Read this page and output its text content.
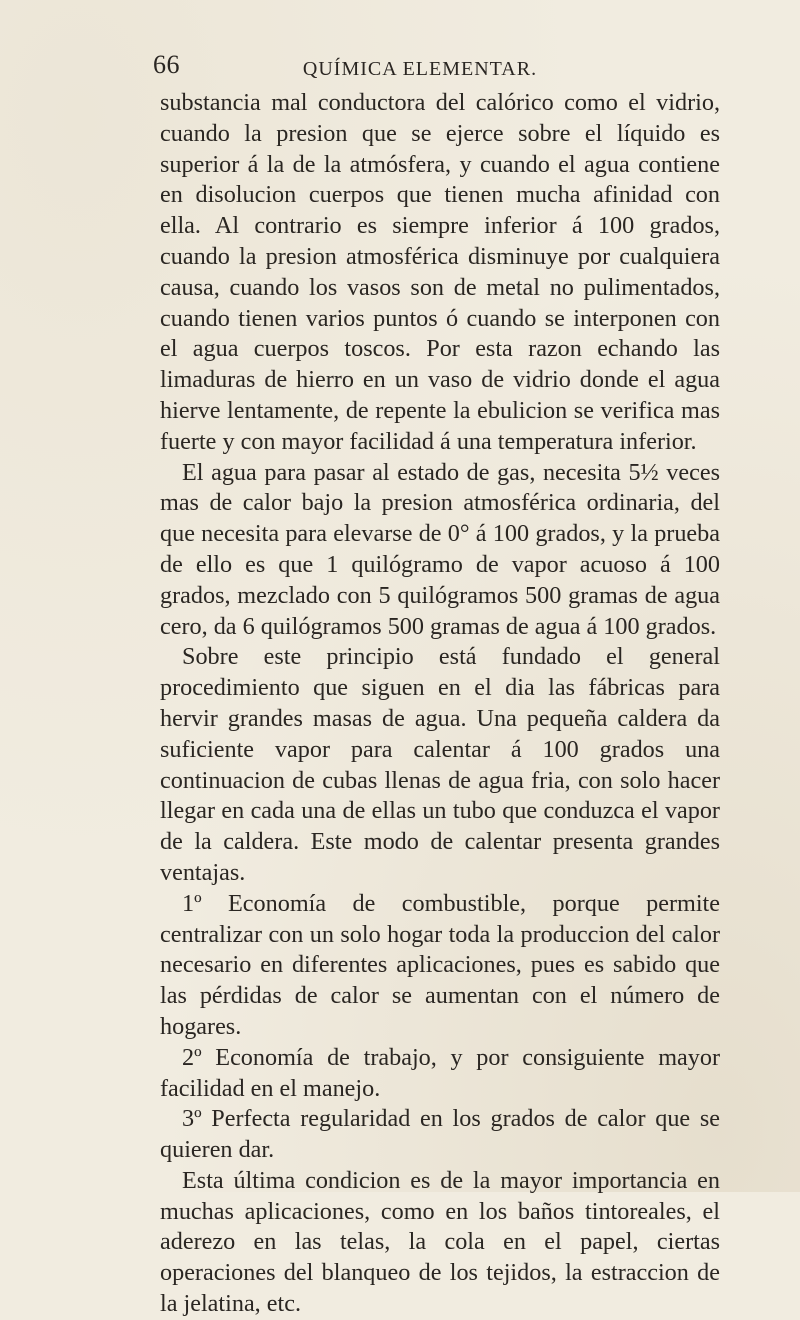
66	QUÍMICA ELEMENTAR.

substancia mal conductora del calórico como el vidrio, cuando la presion que se ejerce sobre el líquido es superior á la de la atmósfera, y cuando el agua contiene en disolucion cuerpos que tienen mucha afinidad con ella. Al contrario es siempre inferior á 100 grados, cuando la presion atmosférica disminuye por cualquiera causa, cuando los vasos son de metal no pulimentados, cuando tienen varios puntos ó cuando se interponen con el agua cuerpos toscos. Por esta razon echando las limaduras de hierro en un vaso de vidrio donde el agua hierve lentamente, de repente la ebulicion se verifica mas fuerte y con mayor facilidad á una temperatura inferior.

El agua para pasar al estado de gas, necesita 5½ veces mas de calor bajo la presion atmosférica ordinaria, del que necesita para elevarse de 0° á 100 grados, y la prueba de ello es que 1 quilógramo de vapor acuoso á 100 grados, mezclado con 5 quilógramos 500 gramas de agua cero, da 6 quilógramos 500 gramas de agua á 100 grados.

Sobre este principio está fundado el general procedimiento que siguen en el dia las fábricas para hervir grandes masas de agua. Una pequeña caldera da suficiente vapor para calentar á 100 grados una continuacion de cubas llenas de agua fria, con solo hacer llegar en cada una de ellas un tubo que conduzca el vapor de la caldera. Este modo de calentar presenta grandes ventajas.

1º Economía de combustible, porque permite centralizar con un solo hogar toda la produccion del calor necesario en diferentes aplicaciones, pues es sabido que las pérdidas de calor se aumentan con el número de hogares.

2º Economía de trabajo, y por consiguiente mayor facilidad en el manejo.

3º Perfecta regularidad en los grados de calor que se quieren dar.

Esta última condicion es de la mayor importancia en muchas aplicaciones, como en los baños tintoreales, el aderezo en las telas, la cola en el papel, ciertas operaciones del blanqueo de los tejidos, la estraccion de la jelatina, etc.
